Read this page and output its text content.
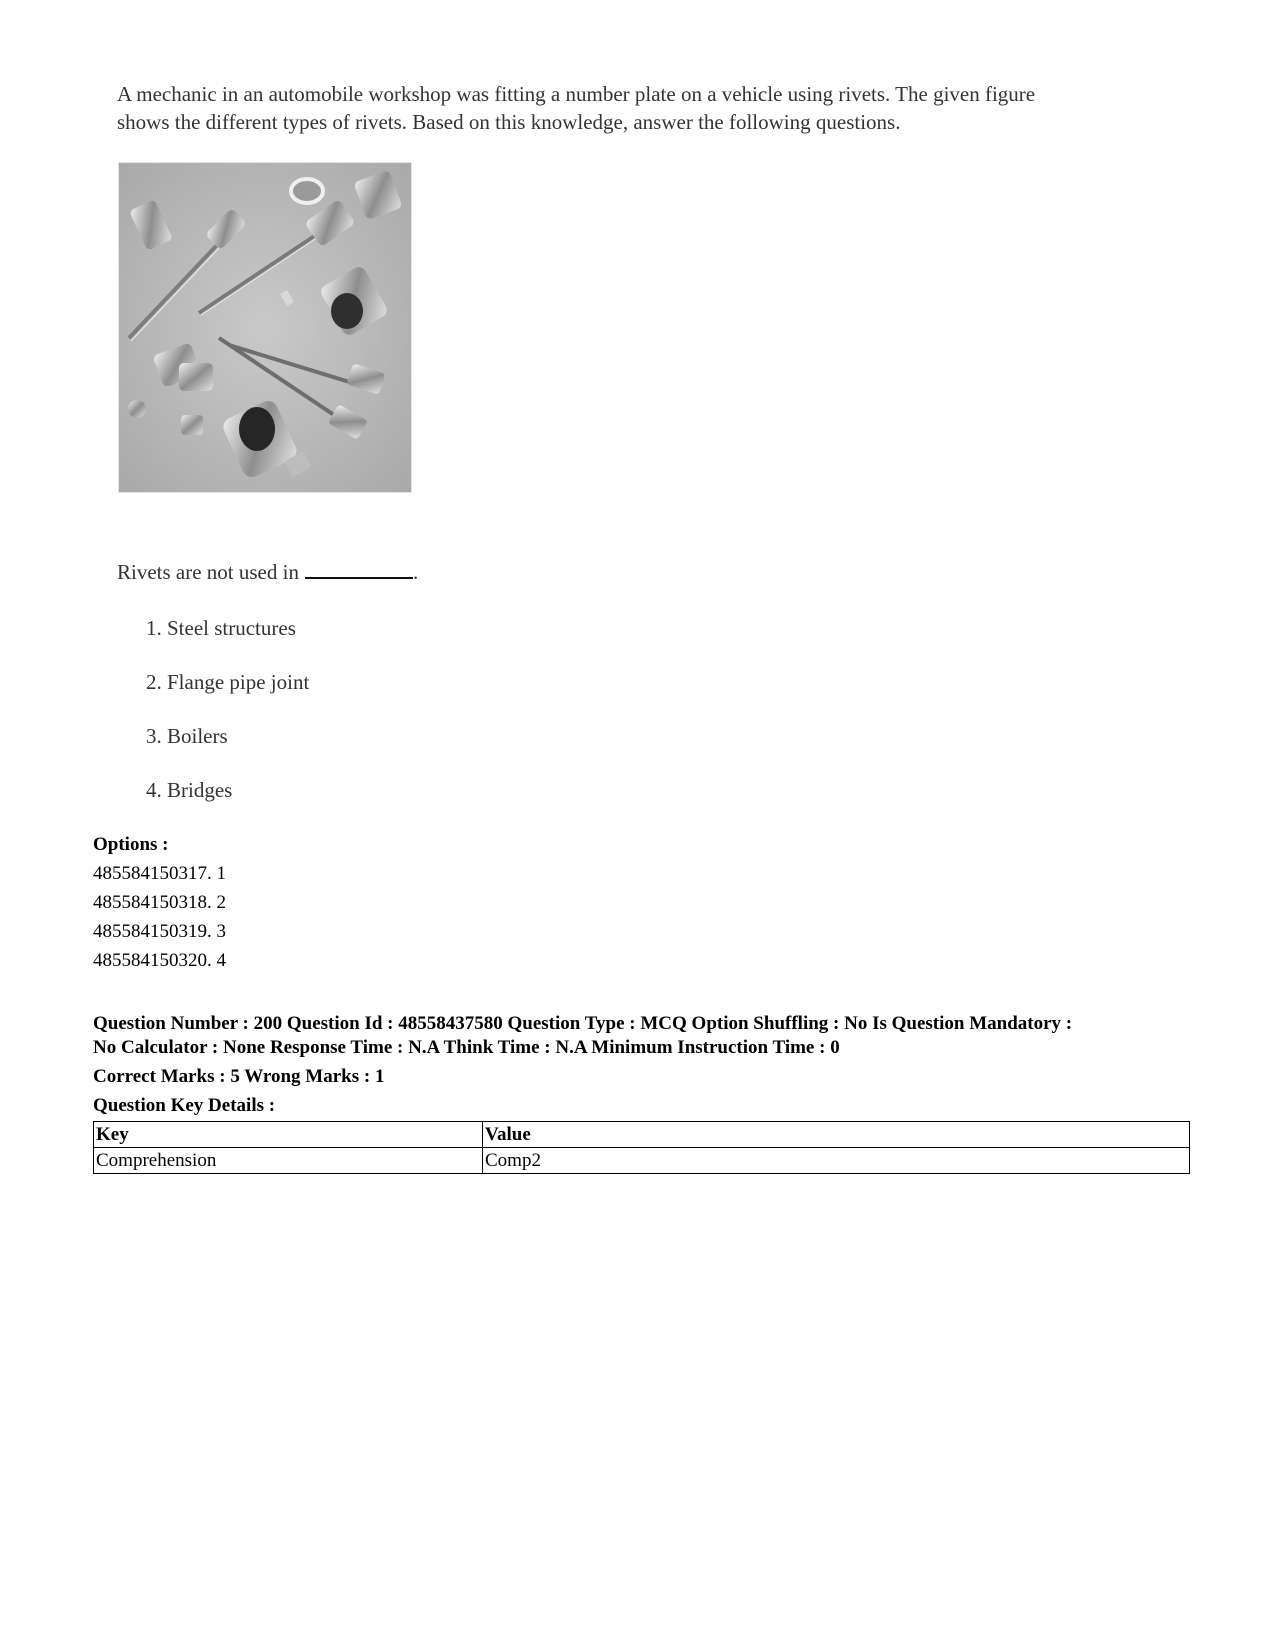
A mechanic in an automobile workshop was fitting a number plate on a vehicle using rivets. The given figure
shows the different types of rivets. Based on this knowledge, answer the following questions.
Rivets are not used in	.
1. Steel structures
2. Flange pipe joint
3. Boilers
4. Bridges
Options :
485584150317. 1
485584150318. 2
485584150319. 3
485584150320. 4
Question Number : 200 Question Id : 48558437580 Question Type : MCQ Option Shuffling : No Is Question Mandatory :
No Calculator : None Response Time : N.A Think Time : N.A Minimum Instruction Time : 0
Correct Marks : 5 Wrong Marks : 1
Question Key Details :
Key	Value
Comprehension	Comp2
